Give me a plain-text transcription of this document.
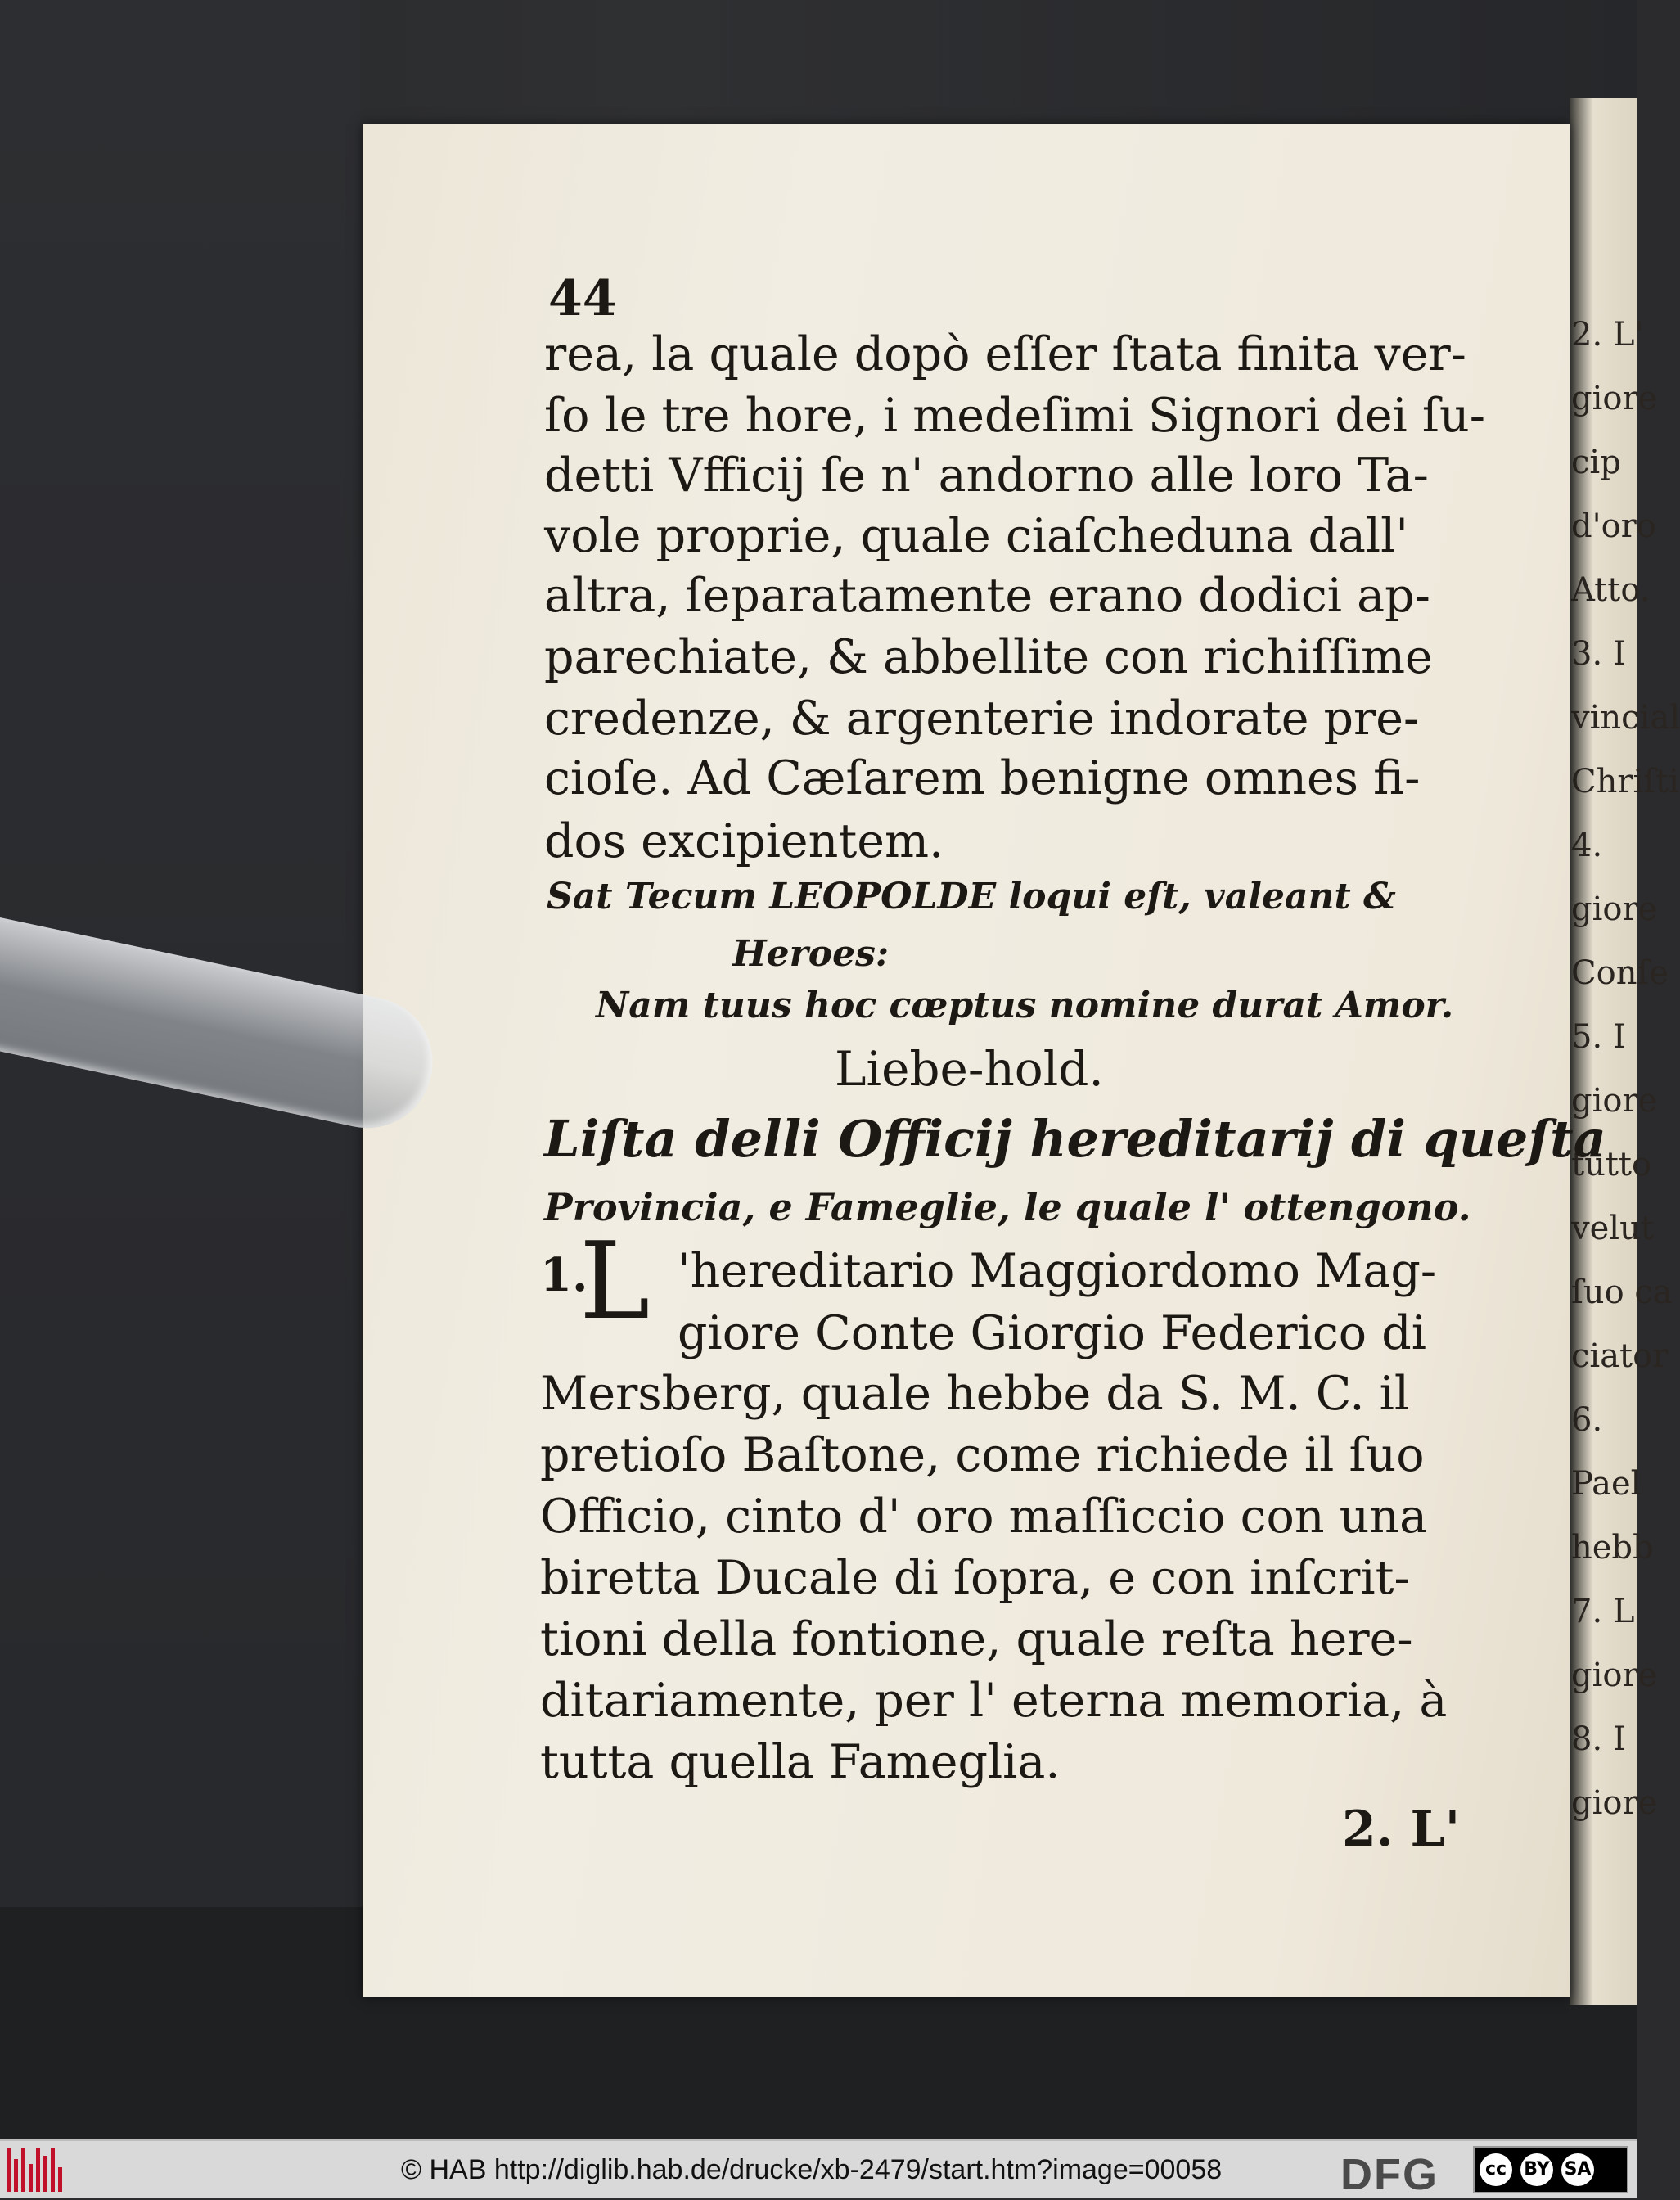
2. L'
giore
cip
d'oro
Atto.
3. I
vincial
Chriſti
4.
giore
Conſe
5. I
giore
tutto
velut
ſuo ca
ciator
6.
Pael
hebb
7. L
giore
8. I
giore
44
rea, la quale dopò eſſer ſtata finita ver-
ſo le tre hore, i medeſimi Signori dei ſu-
detti Vfficij ſe n' andorno alle loro Ta-
vole proprie, quale ciaſcheduna dall'
altra, ſeparatamente erano dodici ap-
parechiate, & abbellite con richiſſime
credenze, & argenterie indorate pre-
cioſe. Ad Cæſarem benigne omnes fi-
dos excipientem.
Sat Tecum LEOPOLDE loqui eſt, valeant &
Heroes:
Nam tuus hoc cœptus nomine durat Amor.
Liebe-hold.
Liſta delli Officij hereditarij di queſta
Provincia, e Fameglie, le quale l' ottengono.
1.
L 'hereditario Maggiordomo Mag-
giore Conte Giorgio Federico di
Mersberg, quale hebbe da S. M. C. il
pretioſo Baſtone, come richiede il ſuo
Officio, cinto d' oro maſſiccio con una
biretta Ducale di ſopra, e con inſcrit-
tioni della fontione, quale reſta here-
ditariamente, per l' eterna memoria, à
tutta quella Fameglia.
2. L'
© HAB http://diglib.hab.de/drucke/xb-2479/start.htm?image=00058	DFG	cc BY SA
